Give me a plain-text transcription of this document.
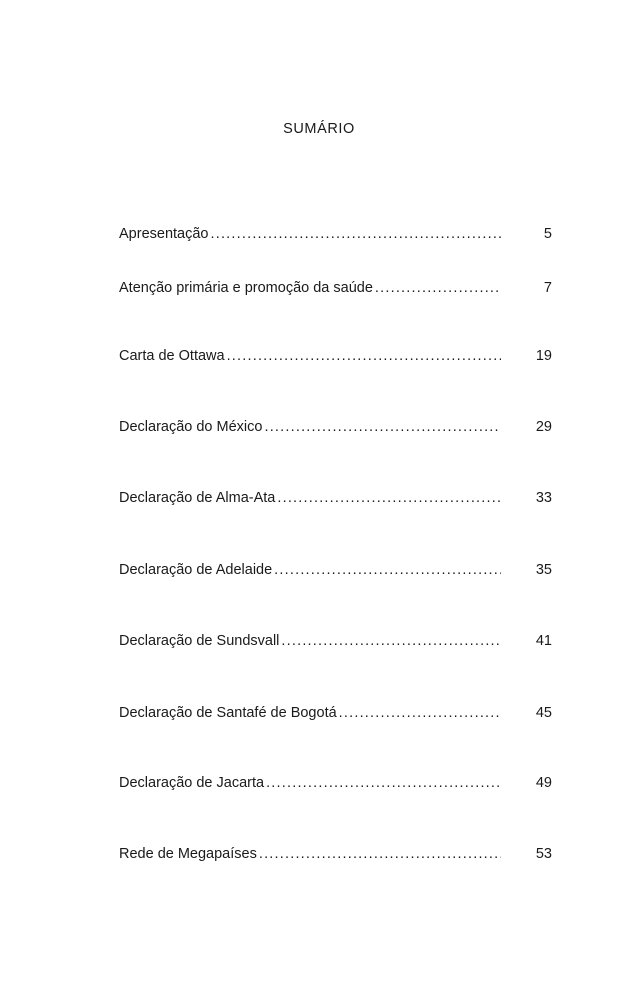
SUMÁRIO
Apresentação .....	5
Atenção primária e promoção da saúde .....	7
Carta de Ottawa .....	19
Declaração do México .....	29
Declaração de Alma-Ata .....	33
Declaração de Adelaide .....	35
Declaração de Sundsvall .....	41
Declaração de Santafé de Bogotá .....	45
Declaração de Jacarta .....	49
Rede de Megapaíses .....	53
